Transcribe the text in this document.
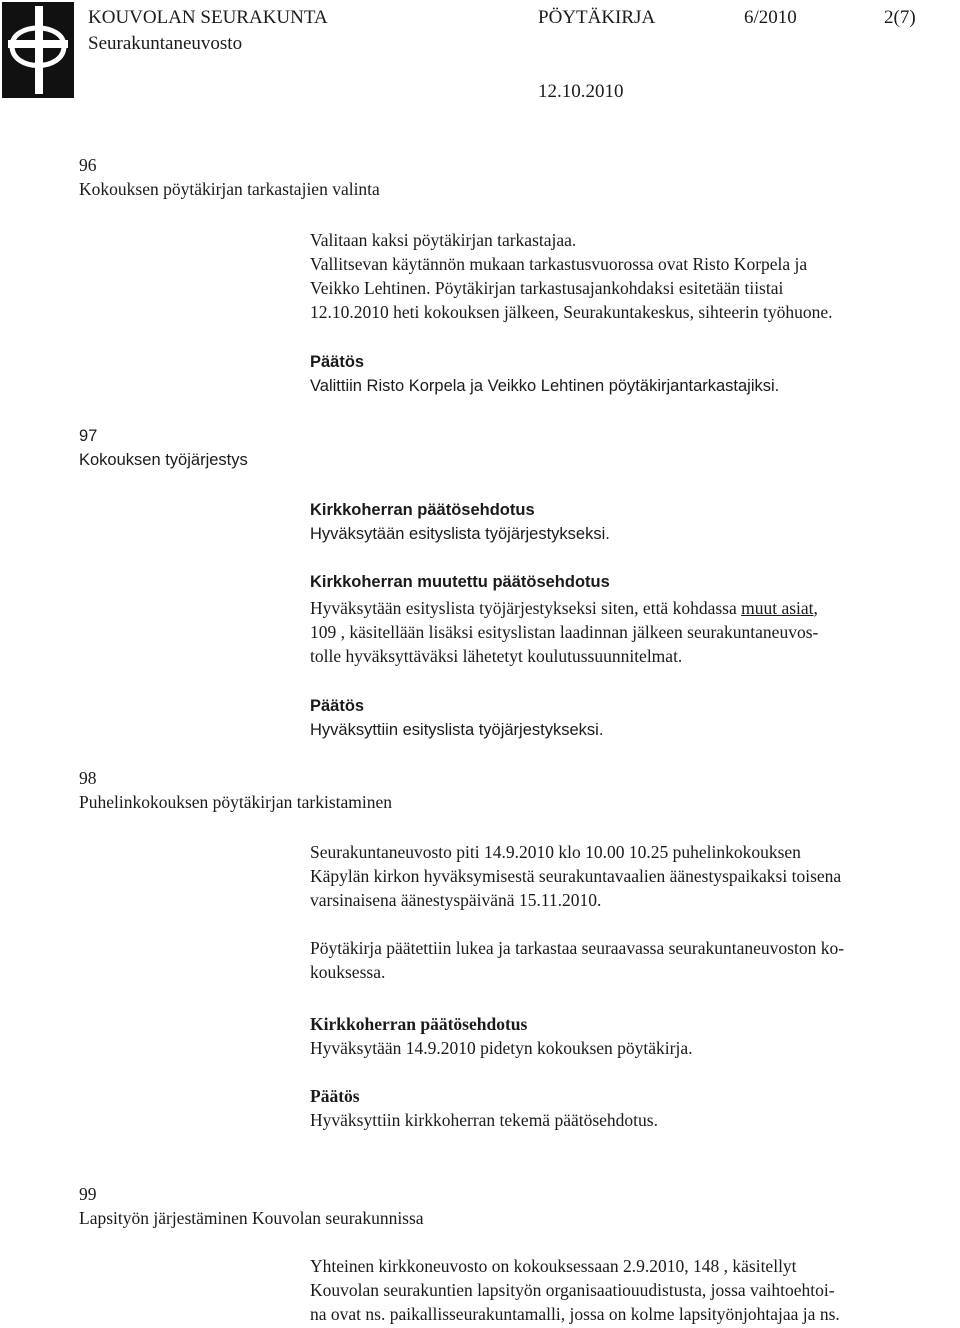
KOUVOLAN SEURAKUNTA
Seurakuntaneuvosto
PÖYTÄKIRJA	6/2010	2(7)
12.10.2010
96
Kokouksen pöytäkirjan tarkastajien valinta
Valitaan kaksi pöytäkirjan tarkastajaa.
Vallitsevan käytännön mukaan tarkastusvuorossa ovat Risto Korpela ja
Veikko Lehtinen. Pöytäkirjan tarkastusajankohdaksi esitetään tiistai
12.10.2010 heti kokouksen jälkeen, Seurakuntakeskus, sihteerin työhuone.
Päätös
Valittiin Risto Korpela ja Veikko Lehtinen pöytäkirjantarkastajiksi.
97
Kokouksen työjärjestys
Kirkkoherran päätösehdotus
Hyväksytään esityslista työjärjestykseksi.
Kirkkoherran muutettu päätösehdotus
Hyväksytään esityslista työjärjestykseksi siten, että kohdassa muut asiat,
109 , käsitellään lisäksi esityslistan laadinnan jälkeen seurakuntaneuvos-
tolle hyväksyttäväksi lähetetyt koulutussuunnitelmat.
Päätös
Hyväksyttiin esityslista työjärjestykseksi.
98
Puhelinkokouksen pöytäkirjan tarkistaminen
Seurakuntaneuvosto piti 14.9.2010 klo 10.00 10.25 puhelinkokouksen
Käpylän kirkon hyväksymisestä seurakuntavaalien äänestyspaikaksi toisena
varsinaisena äänestyspäivänä 15.11.2010.
Pöytäkirja päätettiin lukea ja tarkastaa seuraavassa seurakuntaneuvoston ko-
kouksessa.
Kirkkoherran päätösehdotus
Hyväksytään 14.9.2010 pidetyn kokouksen pöytäkirja.
Päätös
Hyväksyttiin kirkkoherran tekemä päätösehdotus.
99
Lapsityön järjestäminen Kouvolan seurakunnissa
Yhteinen kirkkoneuvosto on kokouksessaan 2.9.2010, 148 , käsitellyt
Kouvolan seurakuntien lapsityön organisaatiouudistusta, jossa vaihtoehtoi-
na ovat ns. paikallisseurakuntamalli, jossa on kolme lapsityönjohtajaa ja ns.
